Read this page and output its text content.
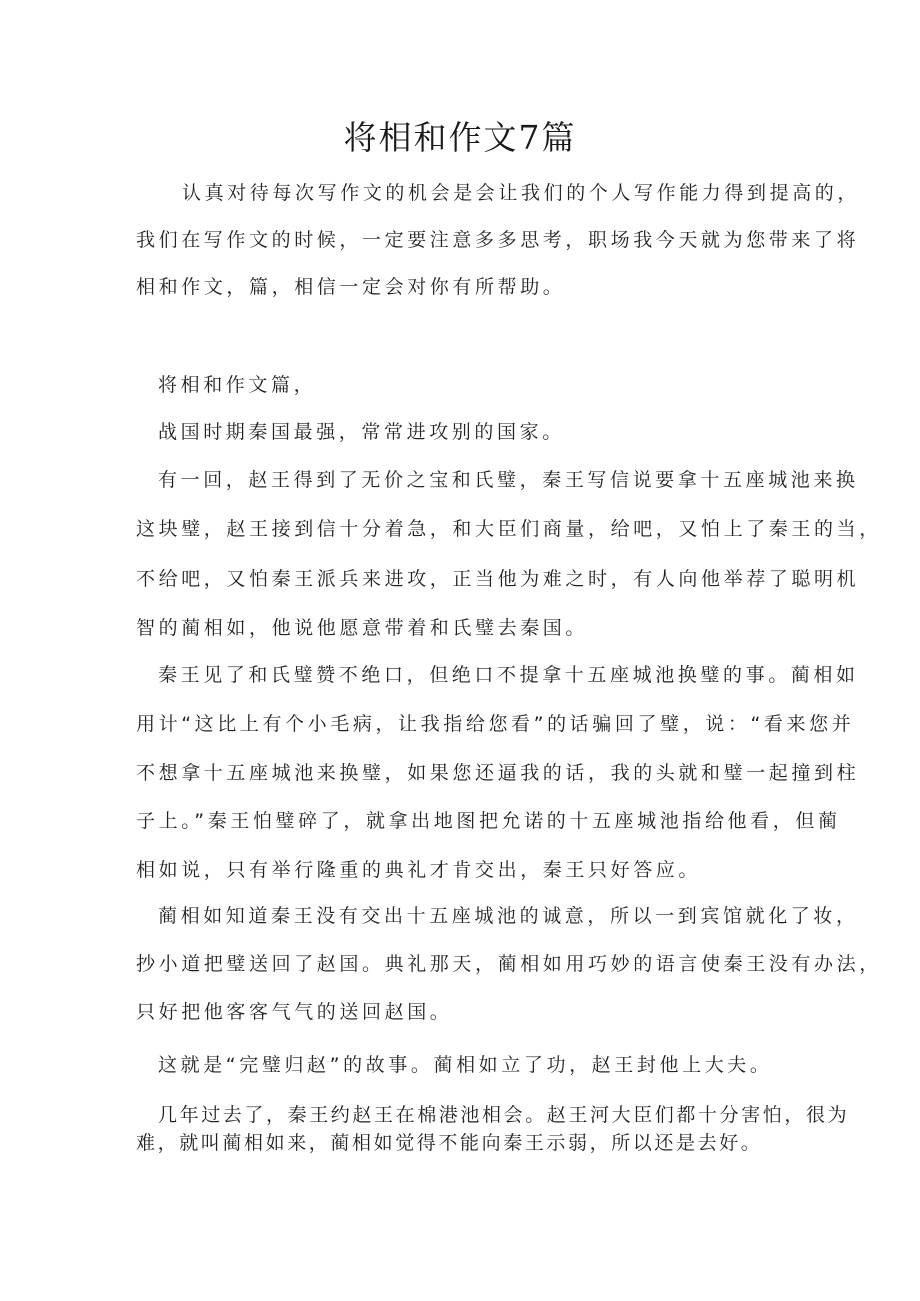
将相和作文7篇
认真对待每次写作文的机会是会让我们的个人写作能力得到提高的，
我们在写作文的时候，一定要注意多多思考，职场我今天就为您带来了将
相和作文，篇，相信一定会对你有所帮助。
将相和作文篇，
战国时期秦国最强，常常进攻别的国家。
有一回，赵王得到了无价之宝和氏璧，秦王写信说要拿十五座城池来换
这块璧，赵王接到信十分着急，和大臣们商量，给吧，又怕上了秦王的当，
不给吧，又怕秦王派兵来进攻，正当他为难之时，有人向他举荐了聪明机
智的蔺相如，他说他愿意带着和氏璧去秦国。
秦王见了和氏璧赞不绝口，但绝口不提拿十五座城池换璧的事。蔺相如
用计“这比上有个小毛病，让我指给您看”的话骗回了璧，说：“看来您并
不想拿十五座城池来换璧，如果您还逼我的话，我的头就和璧一起撞到柱
子上。”秦王怕璧碎了，就拿出地图把允诺的十五座城池指给他看，但蔺
相如说，只有举行隆重的典礼才肯交出，秦王只好答应。
蔺相如知道秦王没有交出十五座城池的诚意，所以一到宾馆就化了妆，
抄小道把璧送回了赵国。典礼那天，蔺相如用巧妙的语言使秦王没有办法，
只好把他客客气气的送回赵国。
这就是“完璧归赵”的故事。蔺相如立了功，赵王封他上大夫。
几年过去了，秦王约赵王在棉港池相会。赵王河大臣们都十分害怕，很为
难，就叫蔺相如来，蔺相如觉得不能向秦王示弱，所以还是去好。
